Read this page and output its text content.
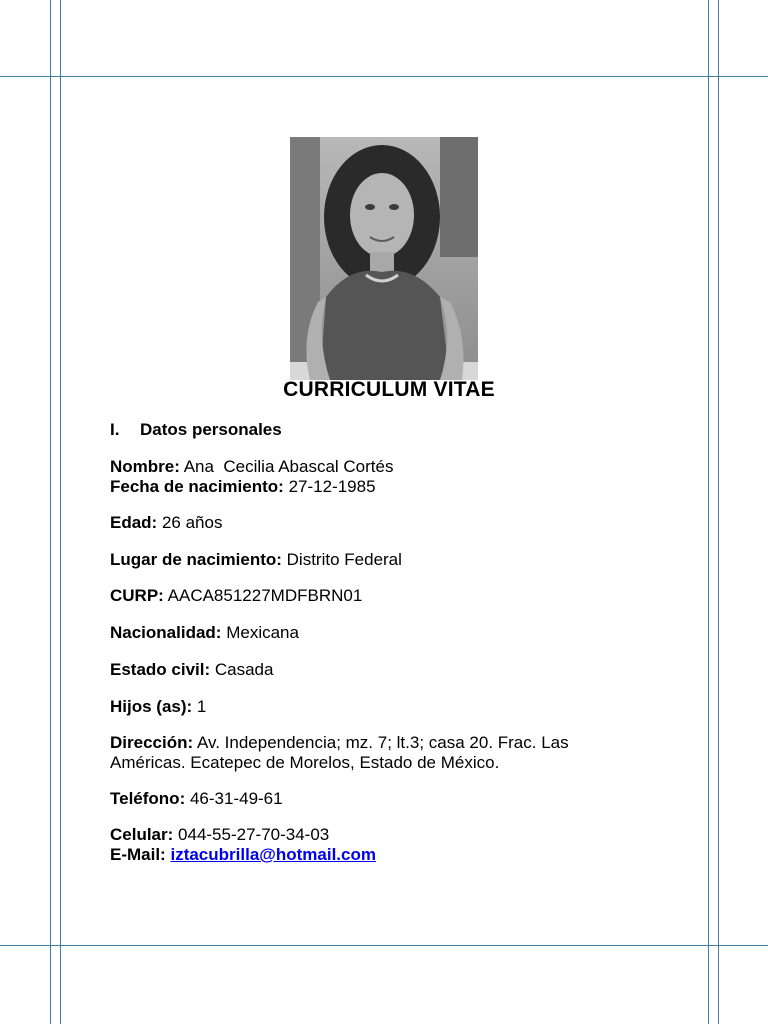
CURRICULUM VITAE
I. Datos personales
Nombre: Ana  Cecilia Abascal Cortés
Fecha de nacimiento: 27-12-1985
Edad: 26 años
Lugar de nacimiento: Distrito Federal
CURP: AACA851227MDFBRN01
Nacionalidad: Mexicana
Estado civil: Casada
Hijos (as): 1
Dirección: Av. Independencia; mz. 7; lt.3; casa 20. Frac. Las Américas. Ecatepec de Morelos, Estado de México.
Teléfono: 46-31-49-61
Celular: 044-55-27-70-34-03
E-Mail: iztacubrilla@hotmail.com
